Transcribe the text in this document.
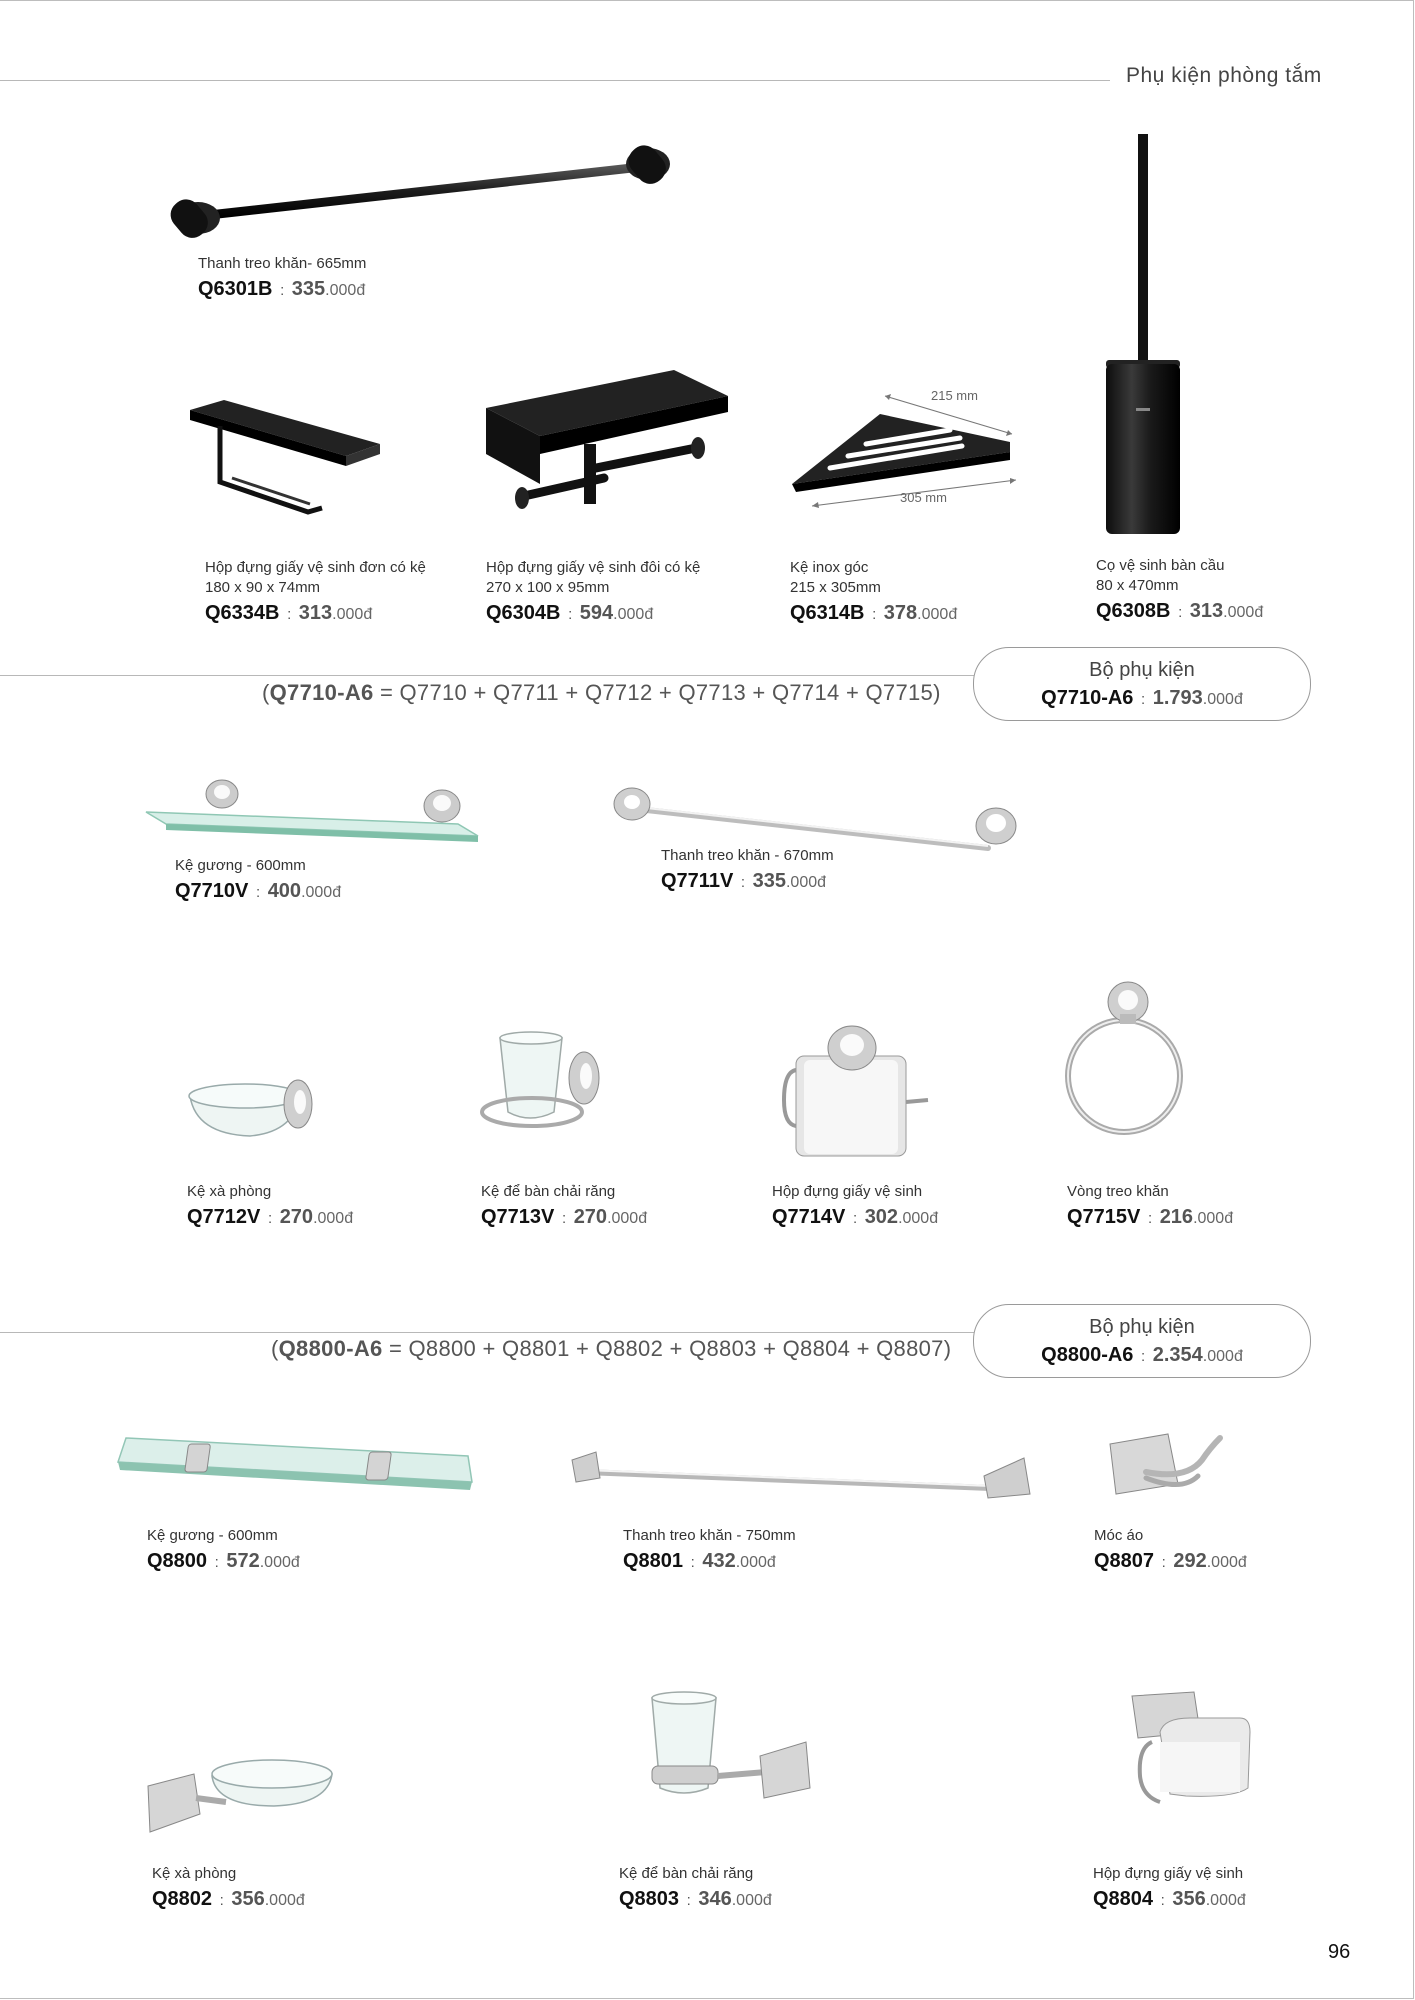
Phụ kiện phòng tắm
Thanh treo khăn- 665mm
Q6301B : 335.000đ
Hộp đựng giấy vệ sinh đơn có kệ
180 x 90 x 74mm
Q6334B : 313.000đ
Hộp đựng giấy vệ sinh đôi có kệ
270 x 100 x 95mm
Q6304B : 594.000đ
215 mm
305 mm
Kệ inox góc
215 x 305mm
Q6314B : 378.000đ
Cọ vệ sinh bàn cầu
80 x 470mm
Q6308B : 313.000đ
(Q7710-A6 = Q7710 + Q7711 + Q7712 + Q7713 + Q7714 + Q7715)
Bộ phụ kiện
Q7710-A6 : 1.793.000đ
Kệ gương - 600mm
Q7710V : 400.000đ
Thanh treo khăn - 670mm
Q7711V : 335.000đ
Kệ xà phòng
Q7712V : 270.000đ
Kệ để bàn chải răng
Q7713V : 270.000đ
Hộp đựng giấy vệ sinh
Q7714V : 302.000đ
Vòng treo khăn
Q7715V : 216.000đ
(Q8800-A6 = Q8800 + Q8801 + Q8802 + Q8803 + Q8804 + Q8807)
Bộ phụ kiện
Q8800-A6 : 2.354.000đ
Kệ gương - 600mm
Q8800 : 572.000đ
Thanh treo khăn - 750mm
Q8801 : 432.000đ
Móc áo
Q8807 : 292.000đ
Kệ xà phòng
Q8802 : 356.000đ
Kệ để bàn chải răng
Q8803 : 346.000đ
Hộp đựng giấy vệ sinh
Q8804 : 356.000đ
96
